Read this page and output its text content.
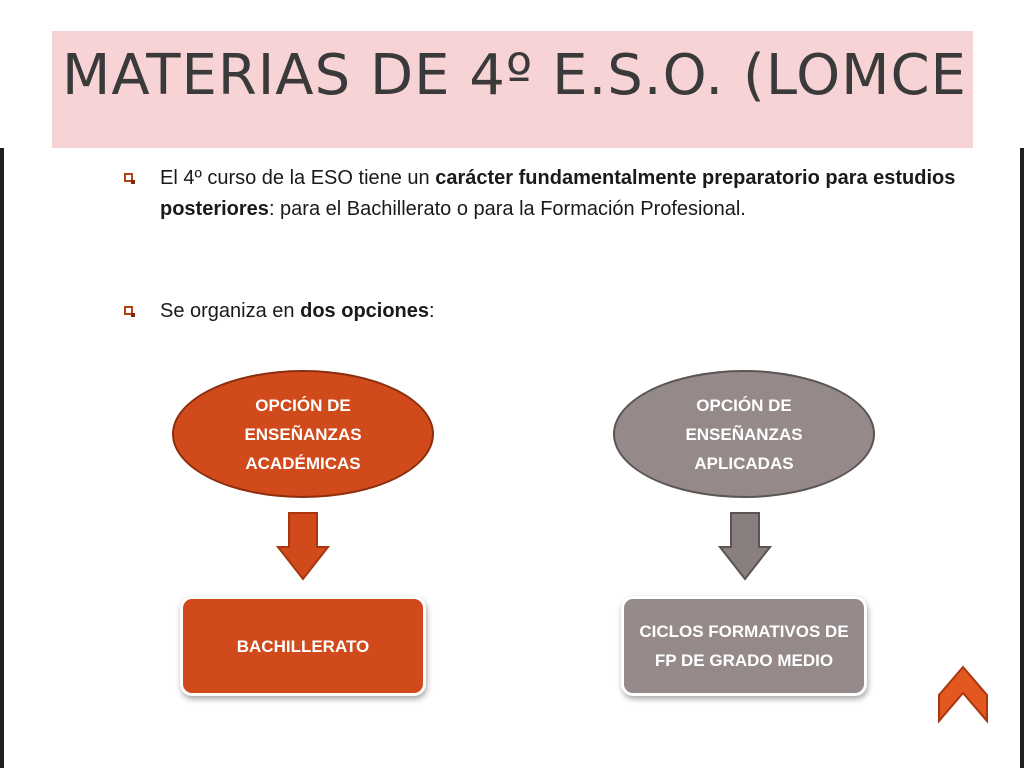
MATERIAS DE 4º E.S.O. (LOMCE
El 4º curso de la ESO tiene un carácter fundamentalmente preparatorio para estudios posteriores: para el Bachillerato o para la Formación Profesional.
Se organiza en dos opciones:
OPCIÓN DE
ENSEÑANZAS
ACADÉMICAS
OPCIÓN DE
ENSEÑANZAS
APLICADAS
BACHILLERATO
CICLOS FORMATIVOS DE
FP DE GRADO MEDIO
